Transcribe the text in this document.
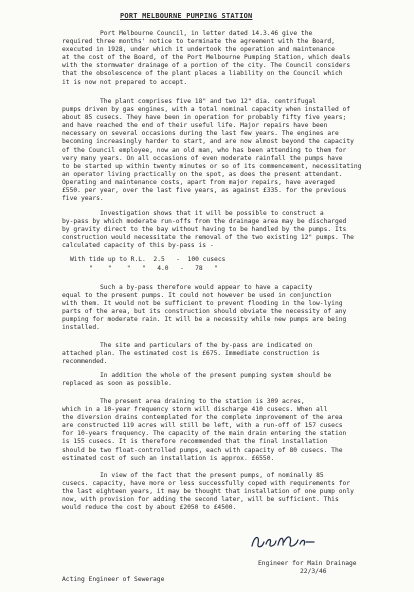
PORT MELBOURNE PUMPING STATION

Port Melbourne Council, in letter dated 14.3.46 give the
required three months' notice to terminate the agreement with the Board,
executed in 1928, under which it undertook the operation and maintenance
at the cost of the Board, of the Port Melbourne Pumping Station, which deals
with the stormwater drainage of a portion of the city. The Council considers
that the obsolescence of the plant places a liability on the Council which
it is now not prepared to accept.

The plant comprises five 18" and two 12" dia. centrifugal
pumps driven by gas engines, with a total nominal capacity when installed of
about 85 cusecs. They have been in operation for probably fifty five years;
and have reached the end of their useful life. Major repairs have been
necessary on several occasions during the last few years. The engines are
becoming increasingly harder to start, and are now almost beyond the capacity
of the Council employee, now an old man, who has been attending to them for
very many years. On all occasions of even moderate rainfall the pumps have
to be started up within twenty minutes or so of its commencement, necessitating
an operator living practically on the spot, as does the present attendant.
Operating and maintenance costs, apart from major repairs, have averaged
£550. per year, over the last five years, as against £335. for the previous
five years.

Investigation shows that it will be possible to construct a
by-pass by which moderate run-offs from the drainage area may be discharged
by gravity direct to the bay without having to be handled by the pumps. Its
construction would necessitate the removal of the two existing 12" pumps. The
calculated capacity of this by-pass is -

With tide up to R.L.  2.5   -  100 cusecs
"    "    "   "   4.0   -   78   "

Such a by-pass therefore would appear to have a capacity
equal to the present pumps. It could not however be used in conjunction
with them. It would not be sufficient to prevent flooding in the low-lying
parts of the area, but its construction should obviate the necessity of any
pumping for moderate rain. It will be a necessity while new pumps are being
installed.

The site and particulars of the by-pass are indicated on
attached plan. The estimated cost is £675. Immediate construction is
recommended.

In addition the whole of the present pumping system should be
replaced as soon as possible.

The present area draining to the station is 309 acres,
which in a 10-year frequency storm will discharge 410 cusecs. When all
the diversion drains contemplated for the complete improvement of the area
are constructed 119 acres will still be left, with a run-off of 157 cusecs
for 10-years frequency. The capacity of the main drain entering the station
is 155 cusecs. It is therefore recommended that the final installation
should be two float-controlled pumps, each with capacity of 80 cusecs. The
estimated cost of such an installation is approx. £6550.

In view of the fact that the present pumps, of nominally 85
cusecs. capacity, have more or less successfully coped with requirements for
the last eighteen years, it may be thought that installation of one pump only
now, with provision for adding the second later, will be sufficient. This
would reduce the cost by about £2050 to £4500.

Engineer for Main Drainage
22/3/46
Acting Engineer of Sewerage
